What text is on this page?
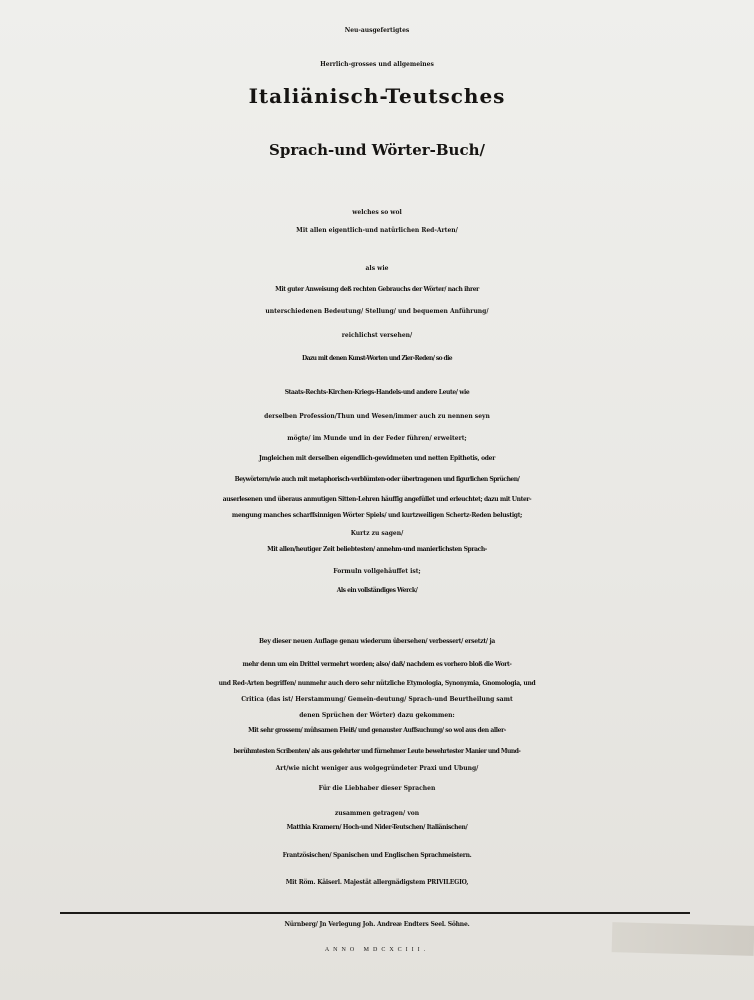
Neu-ausgefertigtes
Herrlich-grosses und allgemeines
Italiänisch-Teutsches
Sprach-und Wörter-Buch/
welches so wol
Mit allen eigentlich-und natürlichen Red-Arten/
als wie
Mit guter Anweisung deß rechten Gebrauchs der Wörter/ nach ihrer
unterschiedenen Bedeutung/ Stellung/ und bequemen Anführung/
reichlichst versehen/
Dazu mit denen Kunst-Worten und Zier-Reden/ so die
Staats-Rechts-Kirchen-Kriegs-Handels-und andere Leute/ wie
derselben Profession/Thun und Wesen/immer auch zu nennen seyn
mögte/ im Munde und in der Feder führen/ erweitert;
Jmgleichen mit derselben eigendlich-gewidmeten und netten Epithetis, oder
Beywörtern/wie auch mit metaphorisch-verblümten-oder übertragenen und figurlichen Sprüchen/
auserlesenen und überaus anmutigen Sitten-Lehren häuffig angefüllet und erleuchtet; dazu mit Unter-
mengung manches scharffsinnigen Wörter Spiels/ und kurtzweiligen Schertz-Reden belustigt;
Kurtz zu sagen/
Mit allen/heutiger Zeit beliebtesten/ annehm-und manierlichsten Sprach-
Formuln vollgehäuffet ist;
Als ein vollständiges Werck/
Bey dieser neuen Auflage genau wiederum übersehen/ verbessert/ ersetzt/ ja
mehr denn um ein Drittel vermehrt worden; also/ daß/ nachdem es vorhero bloß die Wort-
und Red-Arten begriffen/ nunmehr auch dero sehr nützliche Etymologia, Synonymia, Gnomologia, und
Critica (das ist/ Herstammung/ Gemein-deutung/ Sprach-und Beurtheilung samt
denen Sprüchen der Wörter) dazu gekommen:
Mit sehr grossem/ mühsamen Fleiß/ und genauster Auffsuchung/ so wol aus den aller-
berühmtesten Scribenten/ als aus gelehrter und fürnehmer Leute bewehrtester Manier und Mund-
Art/wie nicht weniger aus wolgegründeter Praxi und Ubung/
Für die Liebhaber dieser Sprachen
zusammen getragen/ von
Matthia Kramern/ Hoch-und Nider-Teutschen/ Italiänischen/
Frantzösischen/ Spanischen und Englischen Sprachmeistern.
Mit Röm. Käiserl. Majestät allergnädigstem PRIVILEGIO,
Nürnberg/ Jn Verlegung Joh. Andreæ Endters Seel. Söhne.
ANNO MDCXCIII.
​
